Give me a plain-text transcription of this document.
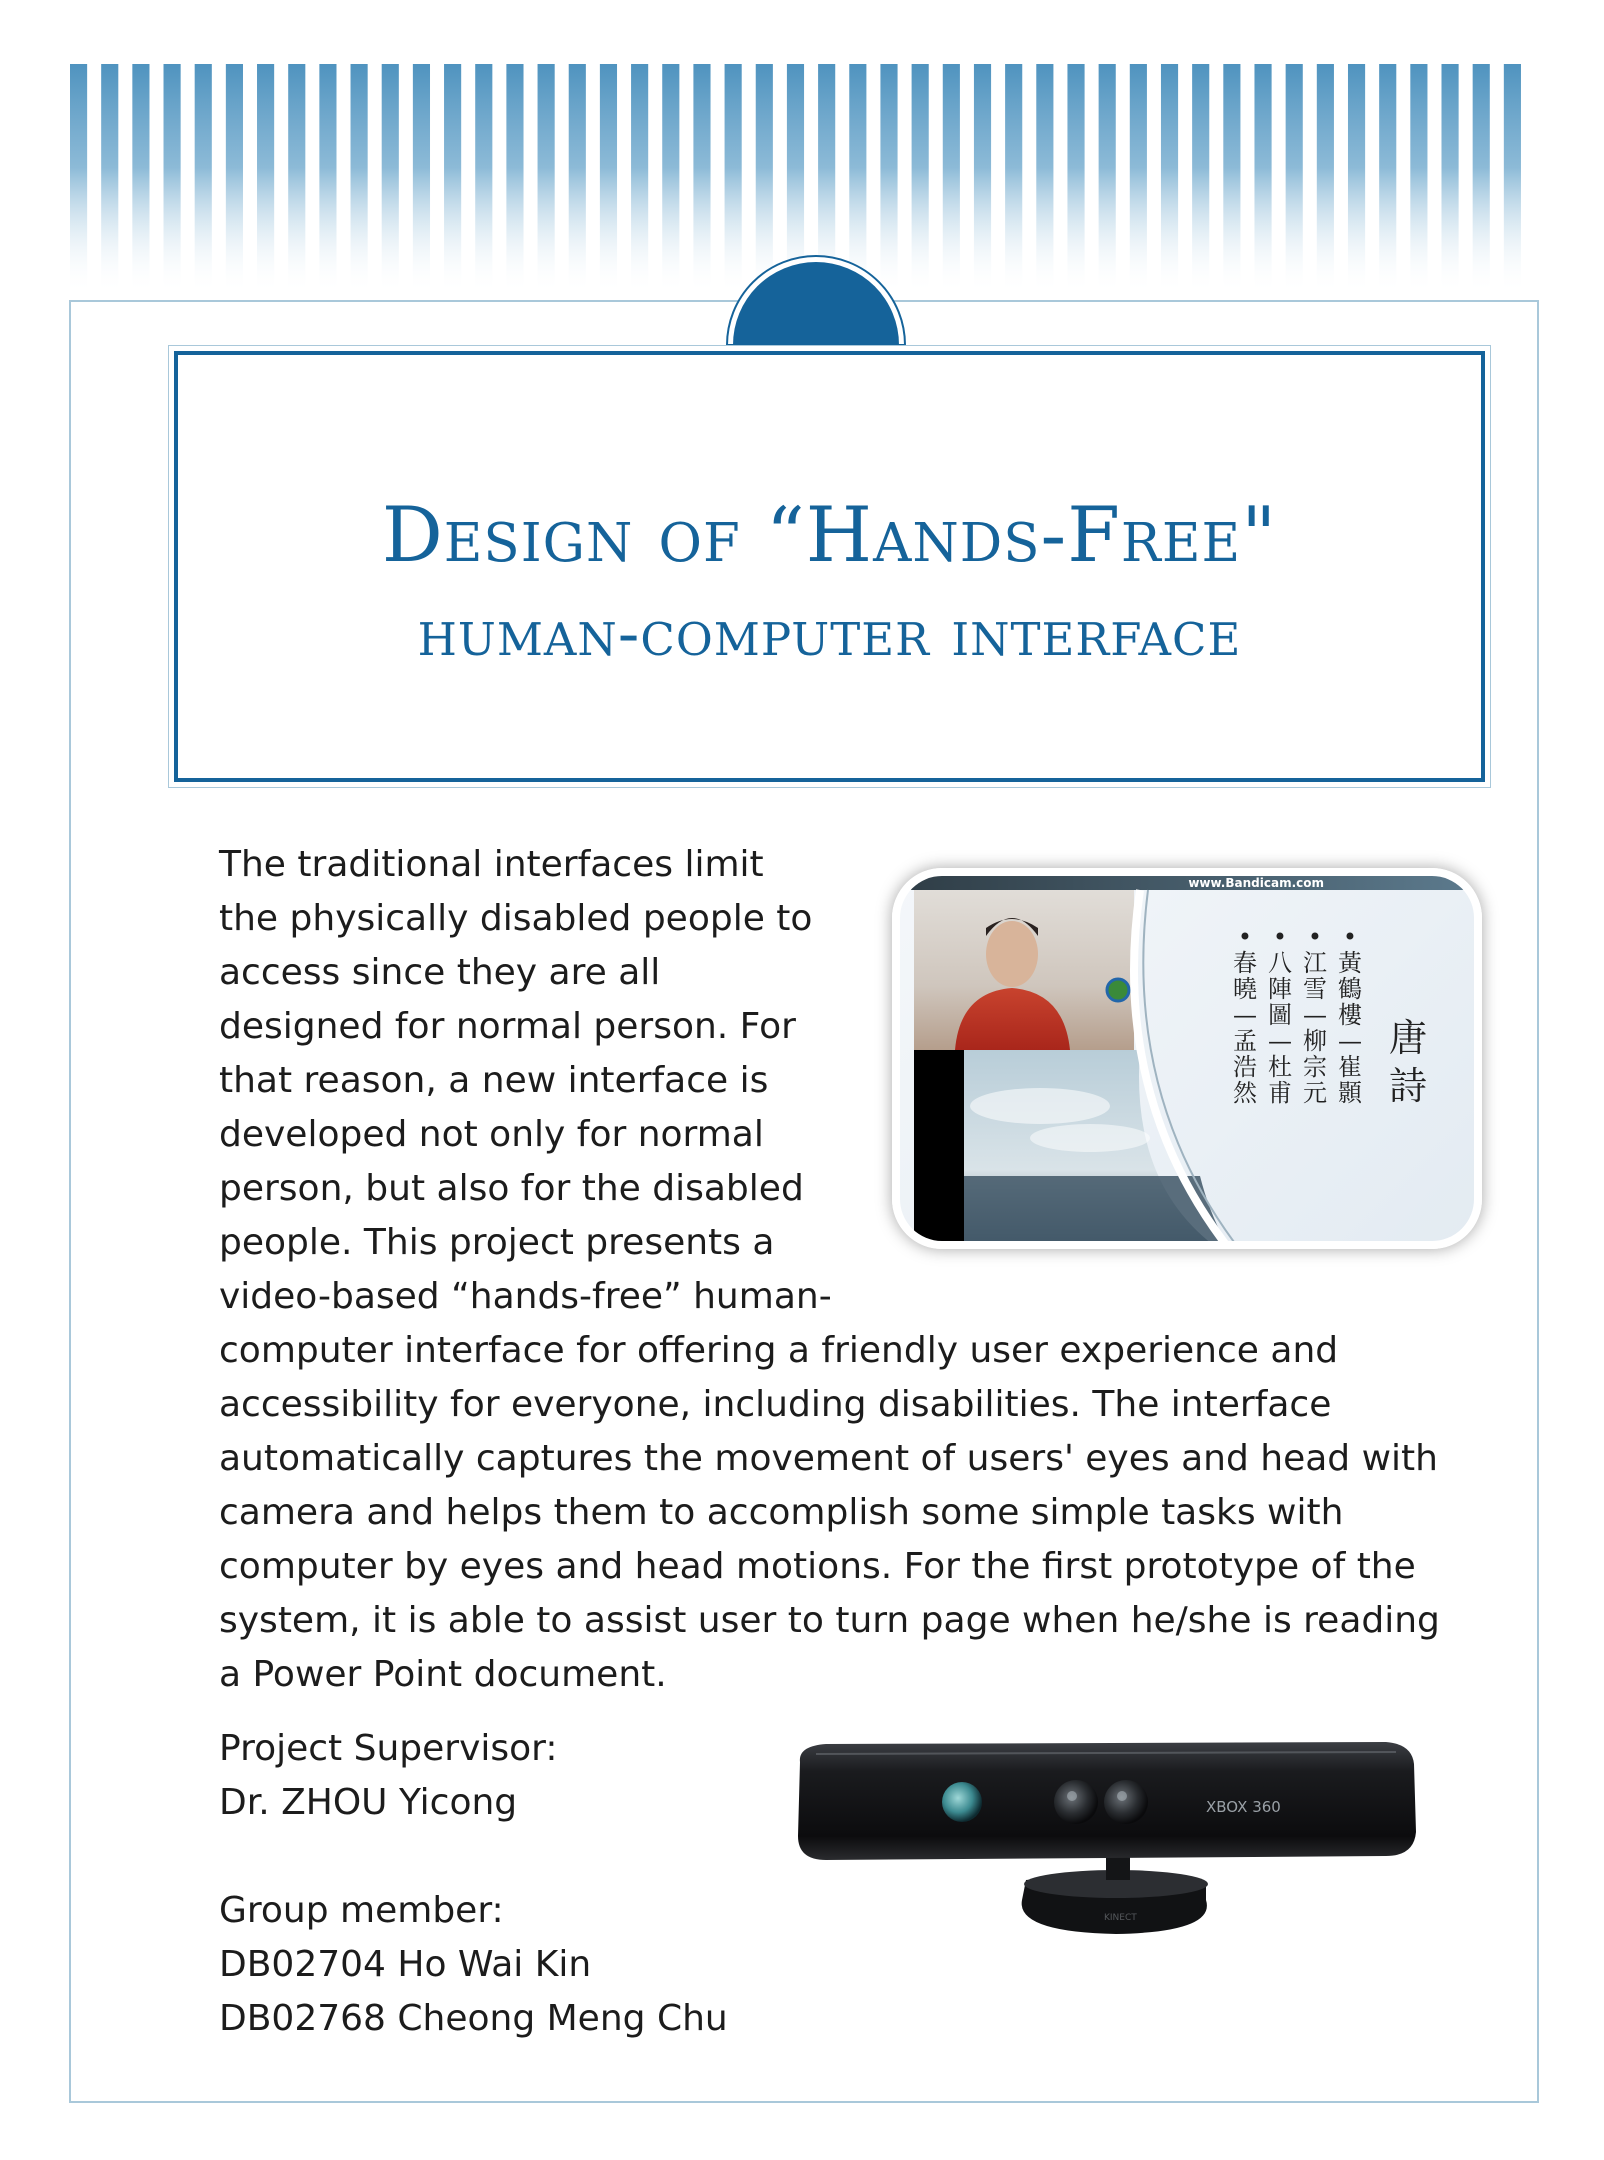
Design of “Hands-Free"
human-computer interface

The traditional interfaces limit the physically disabled people to access since they are all designed for normal person. For that reason, a new interface is developed not only for normal person, but also for the disabled people. This project presents a video-based “hands-free” human-computer interface for offering a friendly user experience and accessibility for everyone, including disabilities. The interface automatically captures the movement of users' eyes and head with camera and helps them to accomplish some simple tasks with computer by eyes and head motions. For the first prototype of the system, it is able to assist user to turn page when he/she is reading a Power Point document.

www.Bandicam.com
•
黃
鶴
樓
—
崔
顥
•
江
雪
—
柳
宗
元
•
八
陣
圖
—
杜
甫
•
春
曉
—
孟
浩
然
唐
詩
Project Supervisor:
Dr. ZHOU Yicong
Group member:
DB02704 Ho Wai Kin
DB02768 Cheong Meng Chu
KINECT
XBOX 360
